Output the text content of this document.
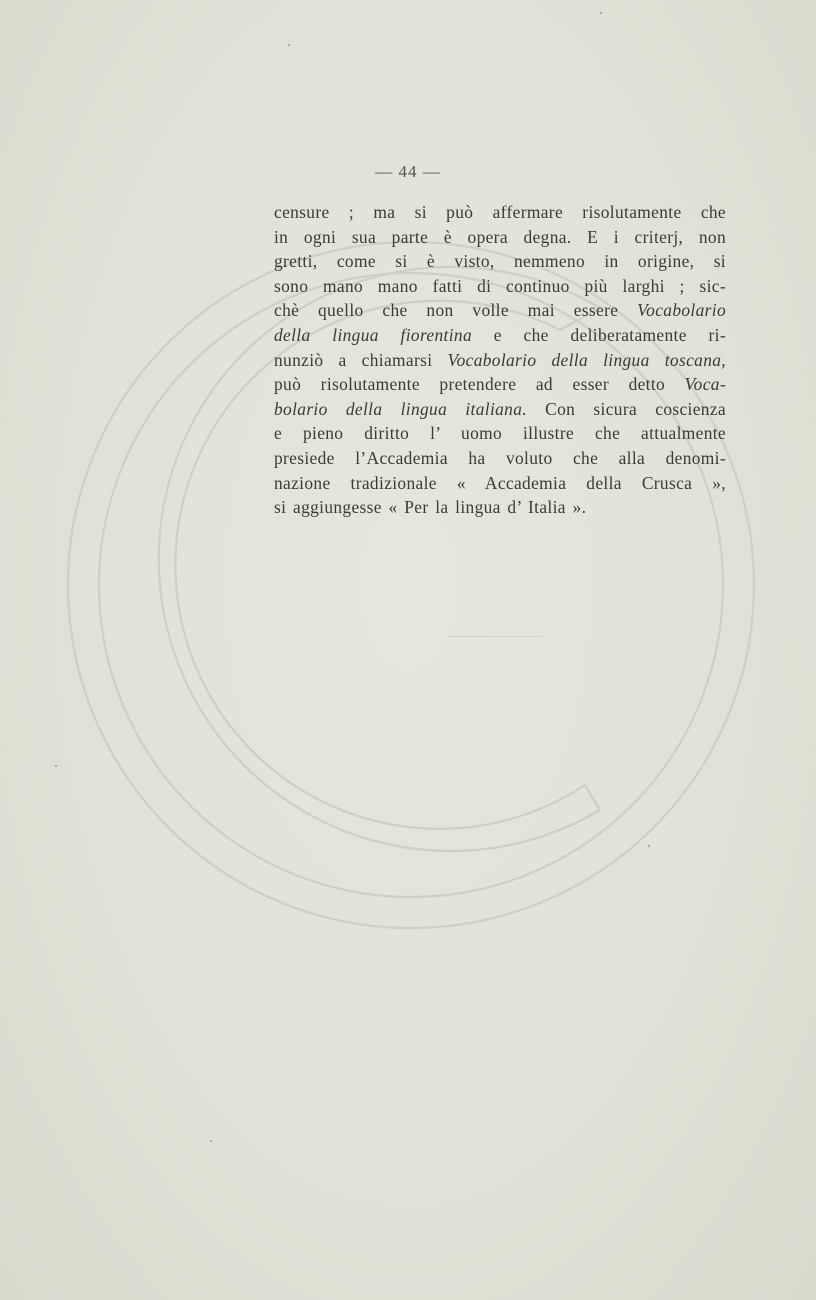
— 44 —
censure ; ma si può affermare risolutamente che
in ogni sua parte è opera degna. E i criterj, non
gretti, come si è visto, nemmeno in origine, si
sono mano mano fatti di continuo più larghi ; sic-
chè quello che non volle mai essere Vocabolario
della lingua fiorentina e che deliberatamente ri-
nunziò a chiamarsi Vocabolario della lingua toscana,
può risolutamente pretendere ad esser detto Voca-
bolario della lingua italiana. Con sicura coscienza
e pieno diritto l’ uomo illustre che attualmente
presiede l’Accademia ha voluto che alla denomi-
nazione tradizionale « Accademia della Crusca »,
si aggiungesse « Per la lingua d’ Italia ».
